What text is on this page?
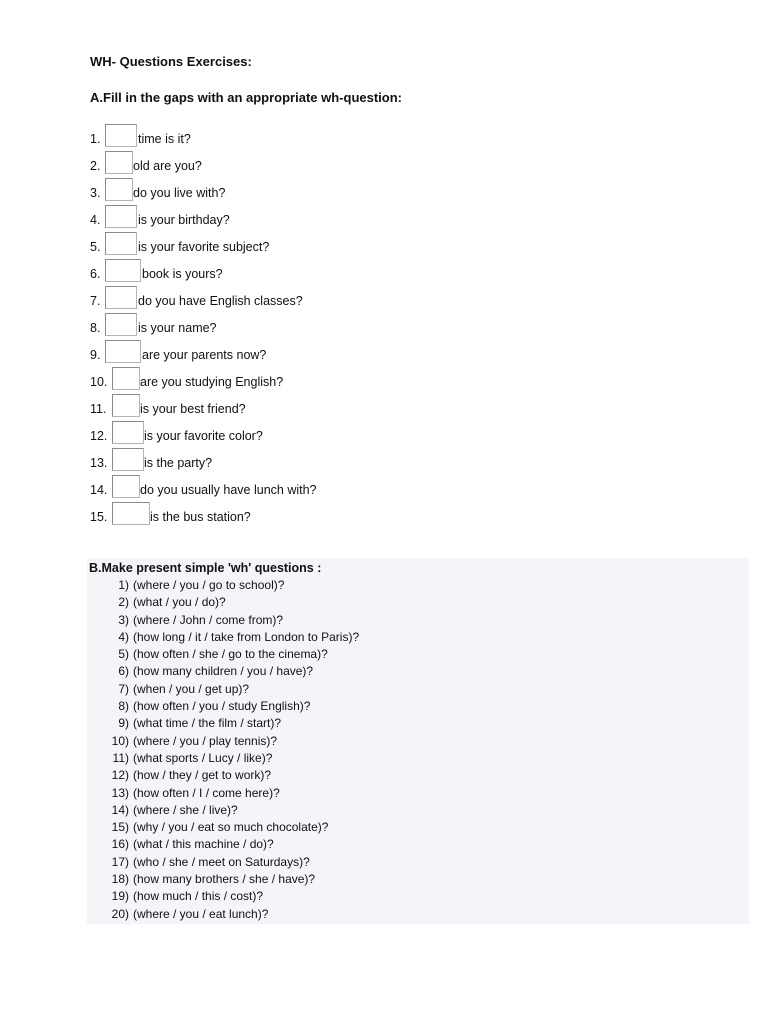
WH- Questions Exercises:
A.Fill in the gaps with an appropriate wh-question:
1.	time is it?
2.	old are you?
3.	do you live with?
4.	is your birthday?
5.	is your favorite subject?
6.	book is yours?
7.	do you have English classes?
8.	is your name?
9.	are your parents now?
10.	are you studying English?
11.	is your best friend?
12.	is your favorite color?
13.	is the party?
14.	do you usually have lunch with?
15.	is the bus station?
B.Make present simple 'wh' questions :
1) (where / you / go to school)?
2) (what / you / do)?
3) (where / John / come from)?
4) (how long / it / take from London to Paris)?
5) (how often / she / go to the cinema)?
6) (how many children / you / have)?
7) (when / you / get up)?
8) (how often / you / study English)?
9) (what time / the film / start)?
10) (where / you / play tennis)?
11) (what sports / Lucy / like)?
12) (how / they / get to work)?
13) (how often / I / come here)?
14) (where / she / live)?
15) (why / you / eat so much chocolate)?
16) (what / this machine / do)?
17) (who / she / meet on Saturdays)?
18) (how many brothers / she / have)?
19) (how much / this / cost)?
20) (where / you / eat lunch)?
